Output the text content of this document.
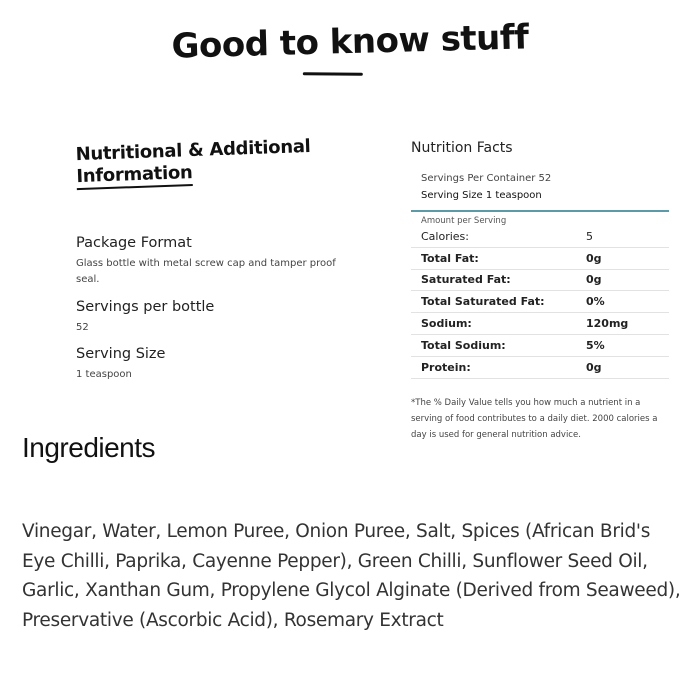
Good to know stuff
Nutritional & Additional
Information
Package Format
Glass bottle with metal screw cap and tamper proof seal.
Servings per bottle
52
Serving Size
1 teaspoon
Nutrition Facts
Servings Per Container 52
Serving Size 1 teaspoon
Amount per Serving
Calories:	5
Total Fat:	0g
Saturated Fat:	0g
Total Saturated Fat:	0%
Sodium:	120mg
Total Sodium:	5%
Protein:	0g
*The % Daily Value tells you how much a nutrient in a serving of food contributes to a daily diet. 2000 calories a day is used for general nutrition advice.
Ingredients
Vinegar, Water, Lemon Puree, Onion Puree, Salt, Spices (African Brid's Eye Chilli, Paprika, Cayenne Pepper), Green Chilli, Sunflower Seed Oil, Garlic, Xanthan Gum, Propylene Glycol Alginate (Derived from Seaweed), Preservative (Ascorbic Acid), Rosemary Extract
